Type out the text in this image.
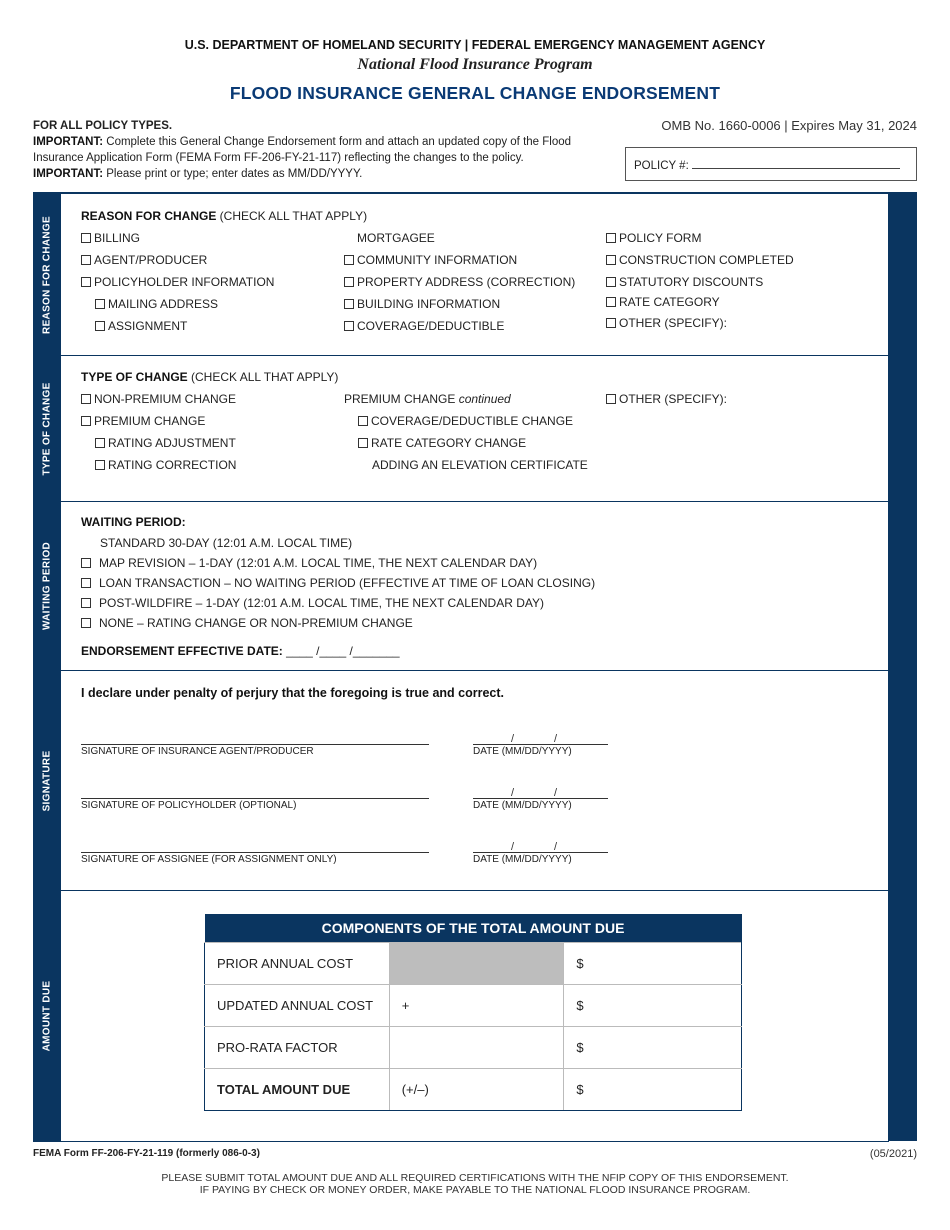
U.S. DEPARTMENT OF HOMELAND SECURITY | FEDERAL EMERGENCY MANAGEMENT AGENCY
National Flood Insurance Program
FLOOD INSURANCE GENERAL CHANGE ENDORSEMENT
FOR ALL POLICY TYPES.
IMPORTANT: Complete this General Change Endorsement form and attach an updated copy of the Flood Insurance Application Form (FEMA Form FF-206-FY-21-117) reflecting the changes to the policy.
IMPORTANT: Please print or type; enter dates as MM/DD/YYYY.
OMB No. 1660-0006 | Expires May 31, 2024
POLICY #:
REASON FOR CHANGE REASON FOR CHANGE (CHECK ALL THAT APPLY)
BILLING
AGENT/PRODUCER
POLICYHOLDER INFORMATION
MAILING ADDRESS
ASSIGNMENT
MORTGAGEE
COMMUNITY INFORMATION
PROPERTY ADDRESS (CORRECTION)
BUILDING INFORMATION
COVERAGE/DEDUCTIBLE
POLICY FORM
CONSTRUCTION COMPLETED
STATUTORY DISCOUNTS
RATE CATEGORY
OTHER (SPECIFY):
TYPE OF CHANGE
TYPE OF CHANGE (CHECK ALL THAT APPLY)
NON-PREMIUM CHANGE
PREMIUM CHANGE
RATING ADJUSTMENT
RATING CORRECTION
PREMIUM CHANGE continued
COVERAGE/DEDUCTIBLE CHANGE
RATE CATEGORY CHANGE
ADDING AN ELEVATION CERTIFICATE
OTHER (SPECIFY):
WAITING PERIOD
WAITING PERIOD:
STANDARD 30-DAY (12:01 A.M. LOCAL TIME)
MAP REVISION – 1-DAY (12:01 A.M. LOCAL TIME, THE NEXT CALENDAR DAY)
LOAN TRANSACTION – NO WAITING PERIOD (EFFECTIVE AT TIME OF LOAN CLOSING)
POST-WILDFIRE – 1-DAY (12:01 A.M. LOCAL TIME, THE NEXT CALENDAR DAY)
NONE – RATING CHANGE OR NON-PREMIUM CHANGE
ENDORSEMENT EFFECTIVE DATE: ____ /____ /_______
SIGNATURE
I declare under penalty of perjury that the foregoing is true and correct.
SIGNATURE OF INSURANCE AGENT/PRODUCER
/	/
DATE (MM/DD/YYYY)
SIGNATURE OF POLICYHOLDER (OPTIONAL)
/	/
DATE (MM/DD/YYYY)
SIGNATURE OF ASSIGNEE (FOR ASSIGNMENT ONLY)
/	/
DATE (MM/DD/YYYY)
AMOUNT DUE
COMPONENTS OF THE TOTAL AMOUNT DUE		
PRIOR ANNUAL COST		$
UPDATED ANNUAL COST	+	$
PRO-RATA FACTOR		$
TOTAL AMOUNT DUE	(+/–)	$
FEMA Form FF-206-FY-21-119 (formerly 086-0-3)	(05/2021)
PLEASE SUBMIT TOTAL AMOUNT DUE AND ALL REQUIRED CERTIFICATIONS WITH THE NFIP COPY OF THIS ENDORSEMENT.
IF PAYING BY CHECK OR MONEY ORDER, MAKE PAYABLE TO THE NATIONAL FLOOD INSURANCE PROGRAM.
